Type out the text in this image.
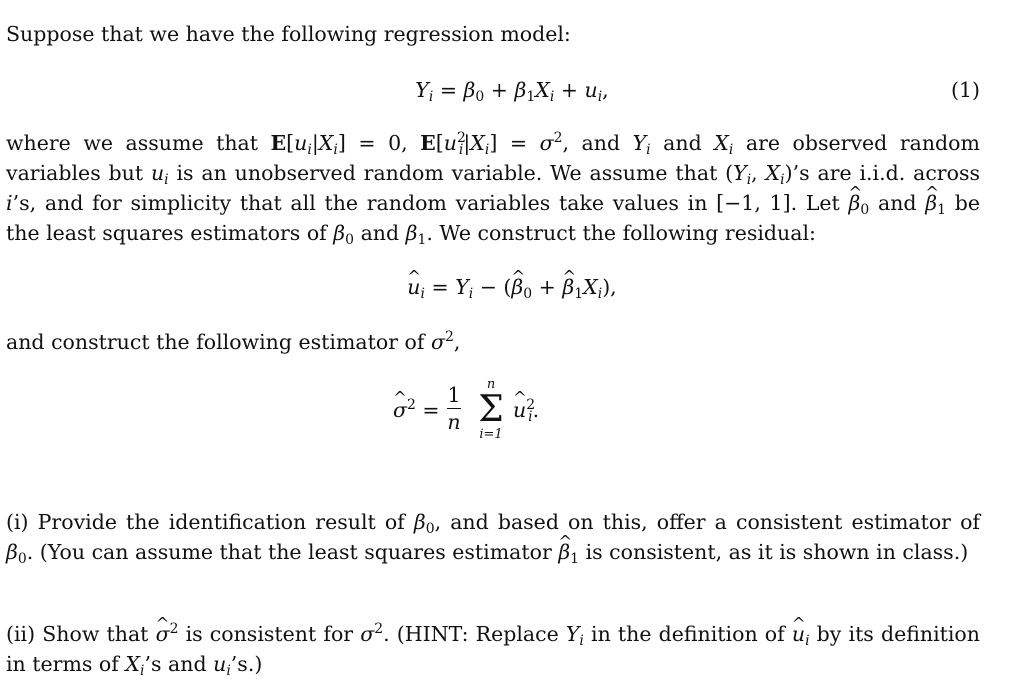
Suppose that we have the following regression model:
$Y_i = \beta_0 + \beta_1X_i + u_i$,	(1)
where we assume that $E[u_i|X_i] = 0$, $E[u^2_i|X_i] = \sigma^2$, and $Y_i$ and $X_i$ are observed random
variables but $u_i$ is an unobserved random variable. We assume that ($Y_i$, $X_i)’s$ are i.i.d. across
i’s, and for simplicity that all the random variables take values in [−1, 1]. Let ^ $\beta_0$ and ^ $\beta_1$ be
the least squares estimators of $\beta_0$ and $\beta_1$. We construct the following residual:
^ $u_i = Y_i$ − (^ $\beta_0$ + ^ $\beta_1X_i$),
and construct the following estimator of $\sigma^2$,
^ $\sigma^2$ =
1
n
n
Σ
i=1
^ $u^2_i$.
(i) Provide the identification result of $\beta_0$, and based on this, offer a consistent estimator of
$\beta_0$. (You can assume that the least squares estimator ^ $\beta_1$ is consistent, as it is shown in class.)
(ii) Show that ^ $\sigma^2$ is consistent for $\sigma^2$. (HINT: Replace $Y_i$ in the definition of ^ $u_i$ by its definition
in terms of $X_i’s$ and $u_i’s$.)
